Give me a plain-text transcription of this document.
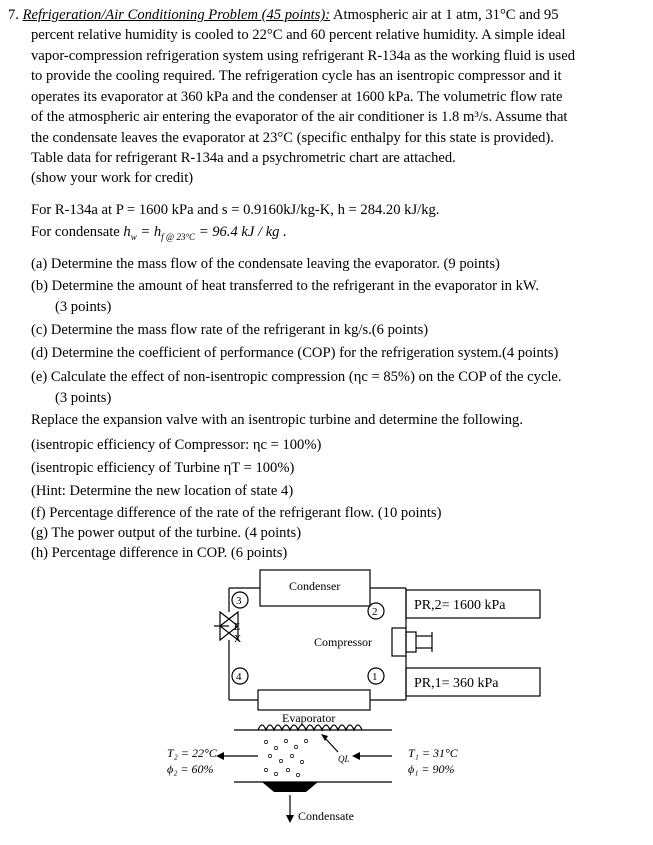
7. Refrigeration/Air Conditioning Problem (45 points): Atmospheric air at 1 atm, 31°C and 95
percent relative humidity is cooled to 22°C and 60 percent relative humidity. A simple ideal
vapor-compression refrigeration system using refrigerant R-134a as the working fluid is used
to provide the cooling required. The refrigeration cycle has an isentropic compressor and it
operates its evaporator at 360 kPa and the condenser at 1600 kPa. The volumetric flow rate
of the atmospheric air entering the evaporator of the air conditioner is 1.8 m³/s. Assume that
the condensate leaves the evaporator at 23°C (specific enthalpy for this state is provided).
Table data for refrigerant R-134a and a psychrometric chart are attached.
(show your work for credit)
For R-134a at P = 1600 kPa and s = 0.9160kJ/kg-K, h = 284.20 kJ/kg.
For condensate $h_w = h_{f @ 23^\circ C} = 96.4$ kJ / kg .
(a) Determine the mass flow of the condensate leaving the evaporator. (9 points)
(b) Determine the amount of heat transferred to the refrigerant in the evaporator in kW.
(3 points)
(c) Determine the mass flow rate of the refrigerant in kg/s.(6 points)
(d) Determine the coefficient of performance (COP) for the refrigeration system.(4 points)
(e) Calculate the effect of non-isentropic compression (ηc = 85%) on the COP of the cycle.
(3 points)
Replace the expansion valve with an isentropic turbine and determine the following.
(isentropic efficiency of Compressor: ηc = 100%)
(isentropic efficiency of Turbine ηT = 100%)
(Hint: Determine the new location of state 4)
(f) Percentage difference of the rate of the refrigerant flow. (10 points)
(g) The power output of the turbine. (4 points)
(h) Percentage difference in COP. (6 points)
Condenser
Compressor
Evaporator
Condensate
E
X
3
4
2
1
PR,2= 1600 kPa
PR,1= 360 kPa
T₂ = 22°C
ϕ₂ = 60%
T₁ = 31°C
ϕ₁ = 90%
QL
